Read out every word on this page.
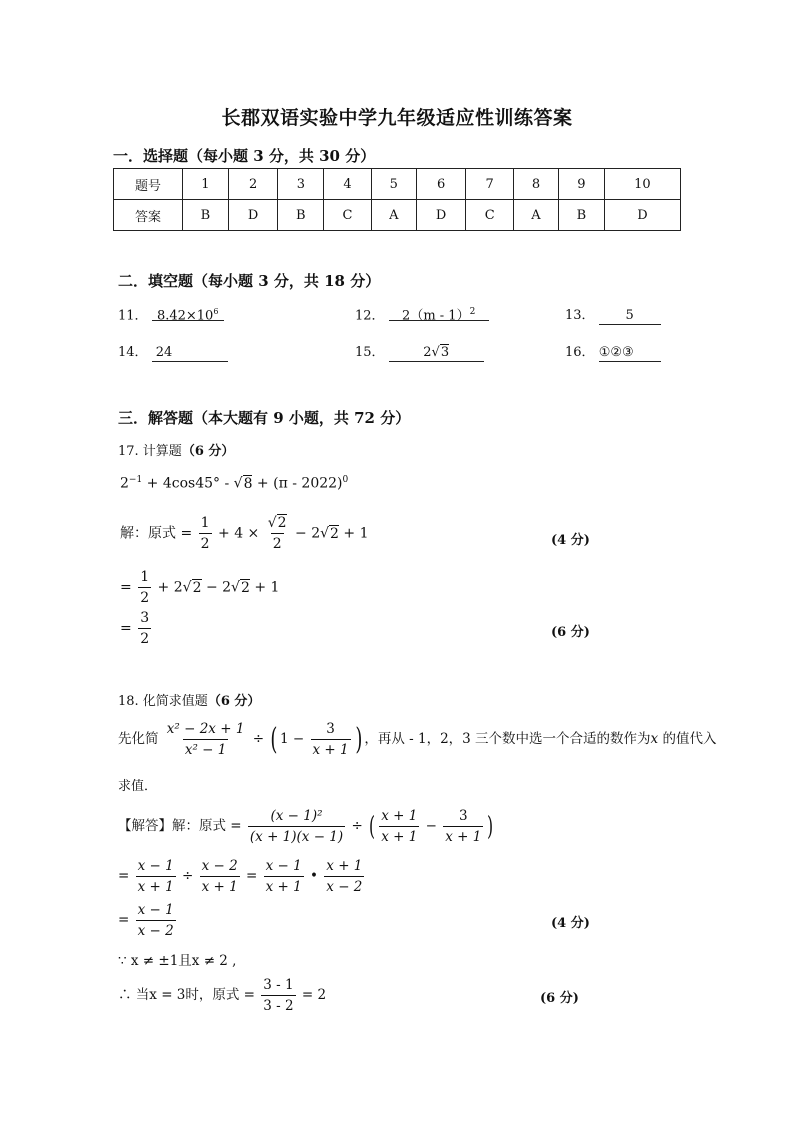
长郡双语实验中学九年级适应性训练答案
一．选择题（每小题 3 分，共 30 分）
题号	1	2	3	4	5	6	7	8	9	10
答案	B	D	B	C	A	D	C	A	B	D
二．填空题（每小题 3 分，共 18 分）
11． $8.42\times 10^6$	12． 2（m - 1）$^2$	13． 5
14． 24	15．	2√3	16． ①②③
三．解答题（本大题有 9 小题，共 72 分）
17. 计算题（6 分）
$2^{-1} + 4\cos 45^\circ - √8 + (\pi - 2022)^0$
解：原式 = $\frac{1}{2} + 4 \times \frac{√2}{2} - 2√2 + 1$	(4 分)
= $\frac{1}{2} + 2√2 - 2√2 + 1$
= $\frac{3}{2}$	(6 分)
18. 化简求值题（6 分）
先化简 $\frac{\text{x² − 2x + 1}}{\text{x² − 1}}$ ÷ ( $1 - \frac{3}{x + 1}$ ) ，再从 - 1，2，3 三个数中选一个合适的数作为x 的值代入
求值．
【解答】解：原式 = $\frac{\text{(x − 1)²}}{(x + 1)(x - 1)}$ ÷ ( $\frac{x + 1}{x + 1} - \frac{3}{x + 1}$ )
= $\frac{x - 1}{x + 1} \div \frac{x - 2}{x + 1} = \frac{x - 1}{x + 1}$ • $\frac{x + 1}{x - 2}$
= $\frac{x - 1}{x - 2}$	(4 分)
∵ x ≠ ±1且x ≠ 2 ,
∴ 当x = 3时，原式 = $\frac{3 - 1}{3 - 2} = 2$	(6 分)
